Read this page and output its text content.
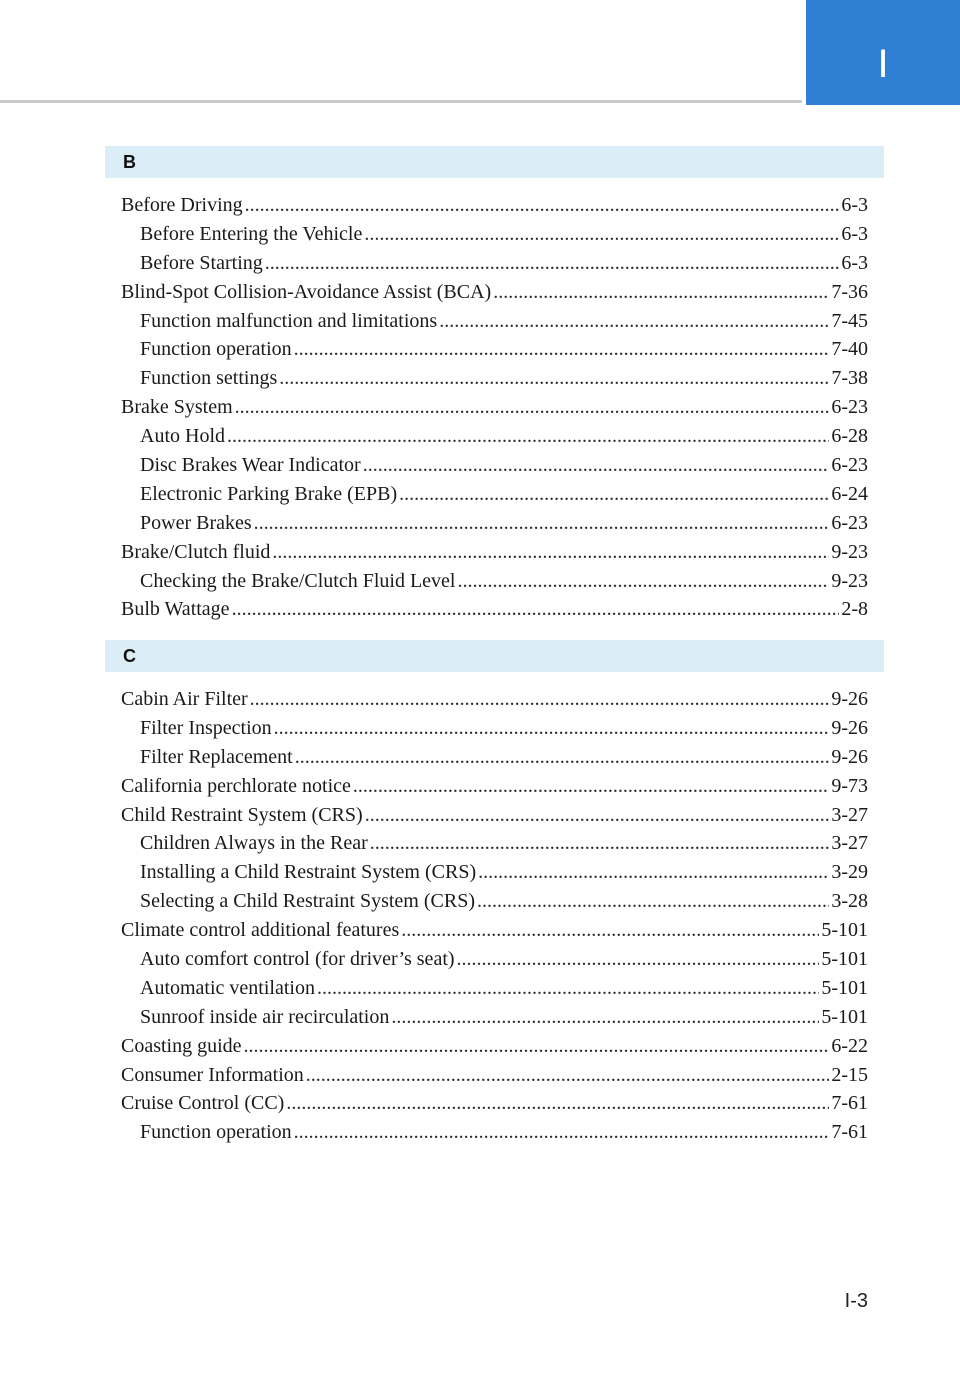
I
B
Before Driving .....	6-3
Before Entering the Vehicle .....	6-3
Before Starting .....	6-3
Blind-Spot Collision-Avoidance Assist (BCA) .....	7-36
Function malfunction and limitations .....	7-45
Function operation .....	7-40
Function settings .....	7-38
Brake System .....	6-23
Auto Hold .....	6-28
Disc Brakes Wear Indicator .....	6-23
Electronic Parking Brake (EPB) .....	6-24
Power Brakes .....	6-23
Brake/Clutch fluid .....	9-23
Checking the Brake/Clutch Fluid Level .....	9-23
Bulb Wattage .....	2-8
C
Cabin Air Filter .....	9-26
Filter Inspection .....	9-26
Filter Replacement .....	9-26
California perchlorate notice .....	9-73
Child Restraint System (CRS) .....	3-27
Children Always in the Rear .....	3-27
Installing a Child Restraint System (CRS) .....	3-29
Selecting a Child Restraint System (CRS) .....	3-28
Climate control additional features .....	5-101
Auto comfort control (for driver’s seat) .....	5-101
Automatic ventilation .....	5-101
Sunroof inside air recirculation .....	5-101
Coasting guide .....	6-22
Consumer Information .....	2-15
Cruise Control (CC) .....	7-61
Function operation .....	7-61
I-3
